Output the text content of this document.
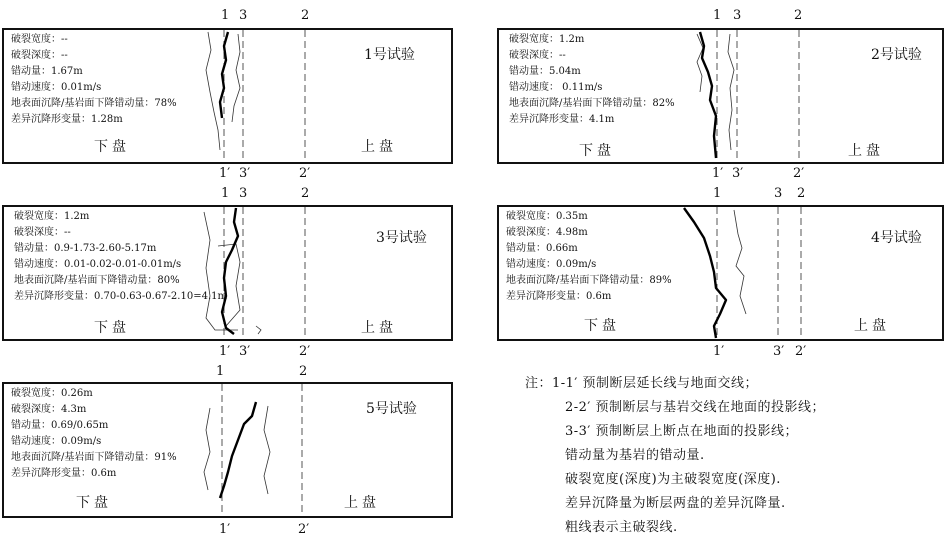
破裂宽度：--
破裂深度：--
错动量：1.67m
错动速度：0.01m/s
地表面沉降/基岩面下降错动量：78%
差异沉降形变量：1.28m
1号试验
下盘	上盘
破裂宽度：1.2m
破裂深度：--
错动量：5.04m
错动速度： 0.11m/s
地表面沉降/基岩面下降错动量：82%
差异沉降形变量：4.1m
2号试验
下盘	上盘
破裂宽度：1.2m
破裂深度：--
错动量：0.9-1.73-2.60-5.17m
错动速度：0.01-0.02-0.01-0.01m/s
地表面沉降/基岩面下降错动量：80%
差异沉降形变量：0.70-0.63-0.67-2.10=4.1m
3号试验
下盘	上盘
破裂宽度：0.35m
破裂深度：4.98m
错动量：0.66m
错动速度：0.09m/s
地表面沉降/基岩面下降错动量：89%
差异沉降形变量：0.6m
4号试验
下盘	上盘
破裂宽度：0.26m
破裂深度：4.3m
错动量：0.69/0.65m
错动速度：0.09m/s
地表面沉降/基岩面下降错动量：91%
差异沉降形变量：0.6m
5号试验
下盘	上盘
1 3	2
1′ 3′	2′
1 3	2
1′ 3′	2′
1 3	2
1′ 3′	2′
1	3 2
1′	3′ 2′
1	2
1′	2′
注：1-1′ 预制断层延长线与地面交线；
2-2′ 预制断层与基岩交线在地面的投影线；
3-3′ 预制断层上断点在地面的投影线；
错动量为基岩的错动量.
破裂宽度(深度)为主破裂宽度(深度).
差异沉降量为断层两盘的差异沉降量.
粗线表示主破裂线.
